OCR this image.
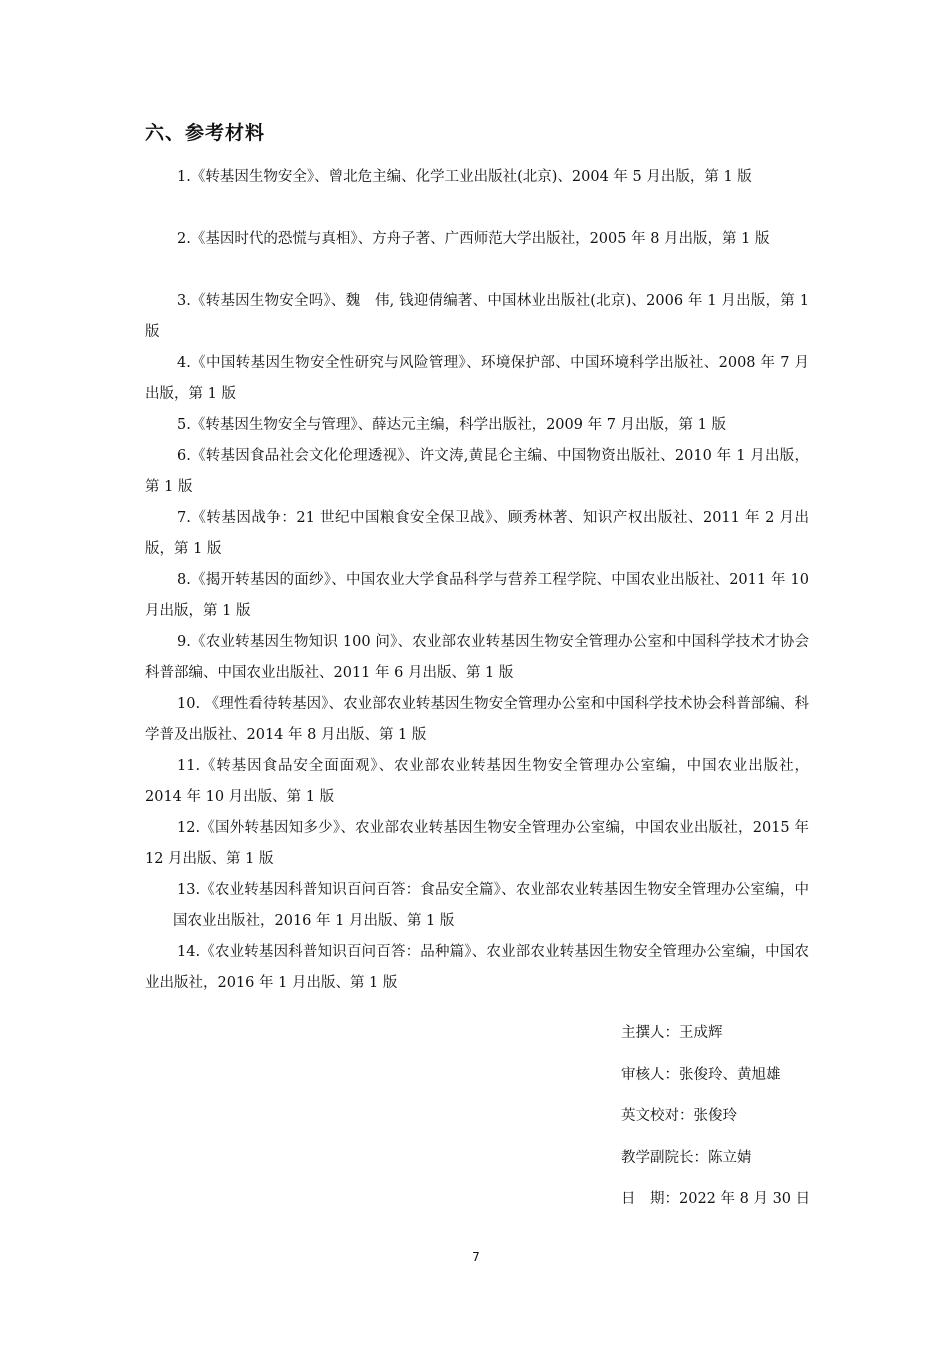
六、参考材料
1.《转基因生物安全》、曾北危主编、化学工业出版社(北京)、2004 年 5 月出版，第 1 版
2.《基因时代的恐慌与真相》、方舟子著、广西师范大学出版社，2005 年 8 月出版，第 1 版
3.《转基因生物安全吗》、魏　伟, 钱迎倩编著、中国林业出版社(北京)、2006 年 1 月出版，第 1 版
4.《中国转基因生物安全性研究与风险管理》、环境保护部、中国环境科学出版社、2008 年 7 月出版，第 1 版
5.《转基因生物安全与管理》、薛达元主编，科学出版社，2009 年 7 月出版，第 1 版
6.《转基因食品社会文化伦理透视》、许文涛,黄昆仑主编、中国物资出版社、2010 年 1 月出版，第 1 版
7.《转基因战争：21 世纪中国粮食安全保卫战》、顾秀林著、知识产权出版社、2011 年 2 月出版，第 1 版
8.《揭开转基因的面纱》、中国农业大学食品科学与营养工程学院、中国农业出版社、2011 年 10 月出版，第 1 版
9.《农业转基因生物知识 100 问》、农业部农业转基因生物安全管理办公室和中国科学技术才协会科普部编、中国农业出版社、2011 年 6 月出版、第 1 版
10. 《理性看待转基因》、农业部农业转基因生物安全管理办公室和中国科学技术协会科普部编、科学普及出版社、2014 年 8 月出版、第 1 版
11.《转基因食品安全面面观》、农业部农业转基因生物安全管理办公室编，中国农业出版社，2014 年 10 月出版、第 1 版
12.《国外转基因知多少》、农业部农业转基因生物安全管理办公室编，中国农业出版社，2015 年 12 月出版、第 1 版
13.《农业转基因科普知识百问百答：食品安全篇》、农业部农业转基因生物安全管理办公室编，中国农业出版社，2016 年 1 月出版、第 1 版
14.《农业转基因科普知识百问百答：品种篇》、农业部农业转基因生物安全管理办公室编，中国农业出版社，2016 年 1 月出版、第 1 版
主撰人：王成辉
审核人：张俊玲、黄旭雄
英文校对：张俊玲
教学副院长：陈立婧
日　期：2022 年 8 月 30 日
7
